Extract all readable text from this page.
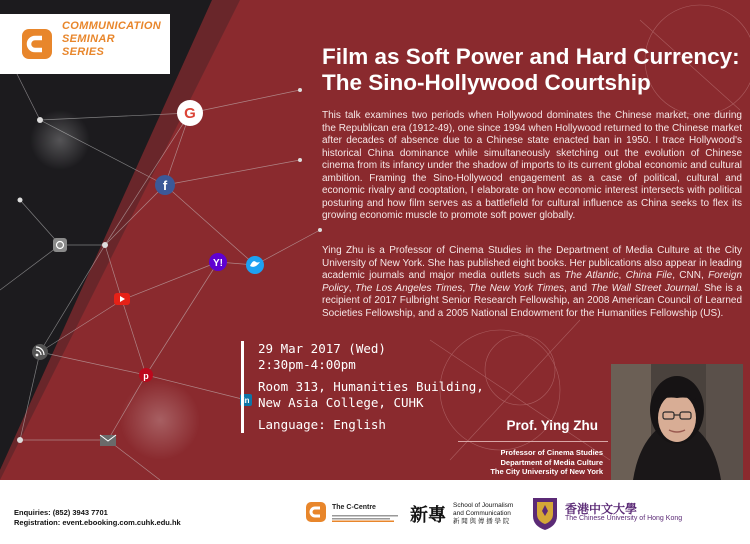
G
f
Y!
p
in
COMMUNICATION
SEMINAR
SERIES	Film as Soft Power and Hard Currency:
The Sino-Hollywood Courtship
This talk examines two periods when Hollywood dominates the Chinese market, one during the Republican era (1912-49), one since 1994 when Hollywood returned to the Chinese market after decades of absence due to a Chinese state enacted ban in 1950. I trace Hollywood's historical China dominance while simultaneously sketching out the evolution of Chinese cinema from its infancy under the shadow of imports to its current global economic and cultural ambition. Framing the Sino-Hollywood engagement as a case of political, cultural and economic rivalry and cooptation, I elaborate on how economic interest intersects with political posturing and how film serves as a battlefield for cultural influence as China seeks to flex its growing economic muscle to promote soft power globally.
Ying Zhu is a Professor of Cinema Studies in the Department of Media Culture at the City University of New York. She has published eight books. Her publications also appear in leading academic journals and major media outlets such as The Atlantic, China File, CNN, Foreign Policy, The Los Angeles Times, The New York Times, and The Wall Street Journal. She is a recipient of 2017 Fulbright Senior Research Fellowship, an 2008 American Council of Learned Societies Fellowship, and a 2005 National Endowment for the Humanities Fellowship (US).
29 Mar 2017 (Wed)
2:30pm-4:00pm
Room 313, Humanities Building,
New Asia College, CUHK
Language: English	Prof. Ying Zhu
Professor of Cinema Studies
Department of Media Culture
The City University of New York
Enquiries: (852) 3943 7701
Registration: event.ebooking.com.cuhk.edu.hk
The C-Centre 新專 School of Journalism
and Communication
新 聞 與 傳 播 學 院
香港中文大學
The Chinese University of Hong Kong
